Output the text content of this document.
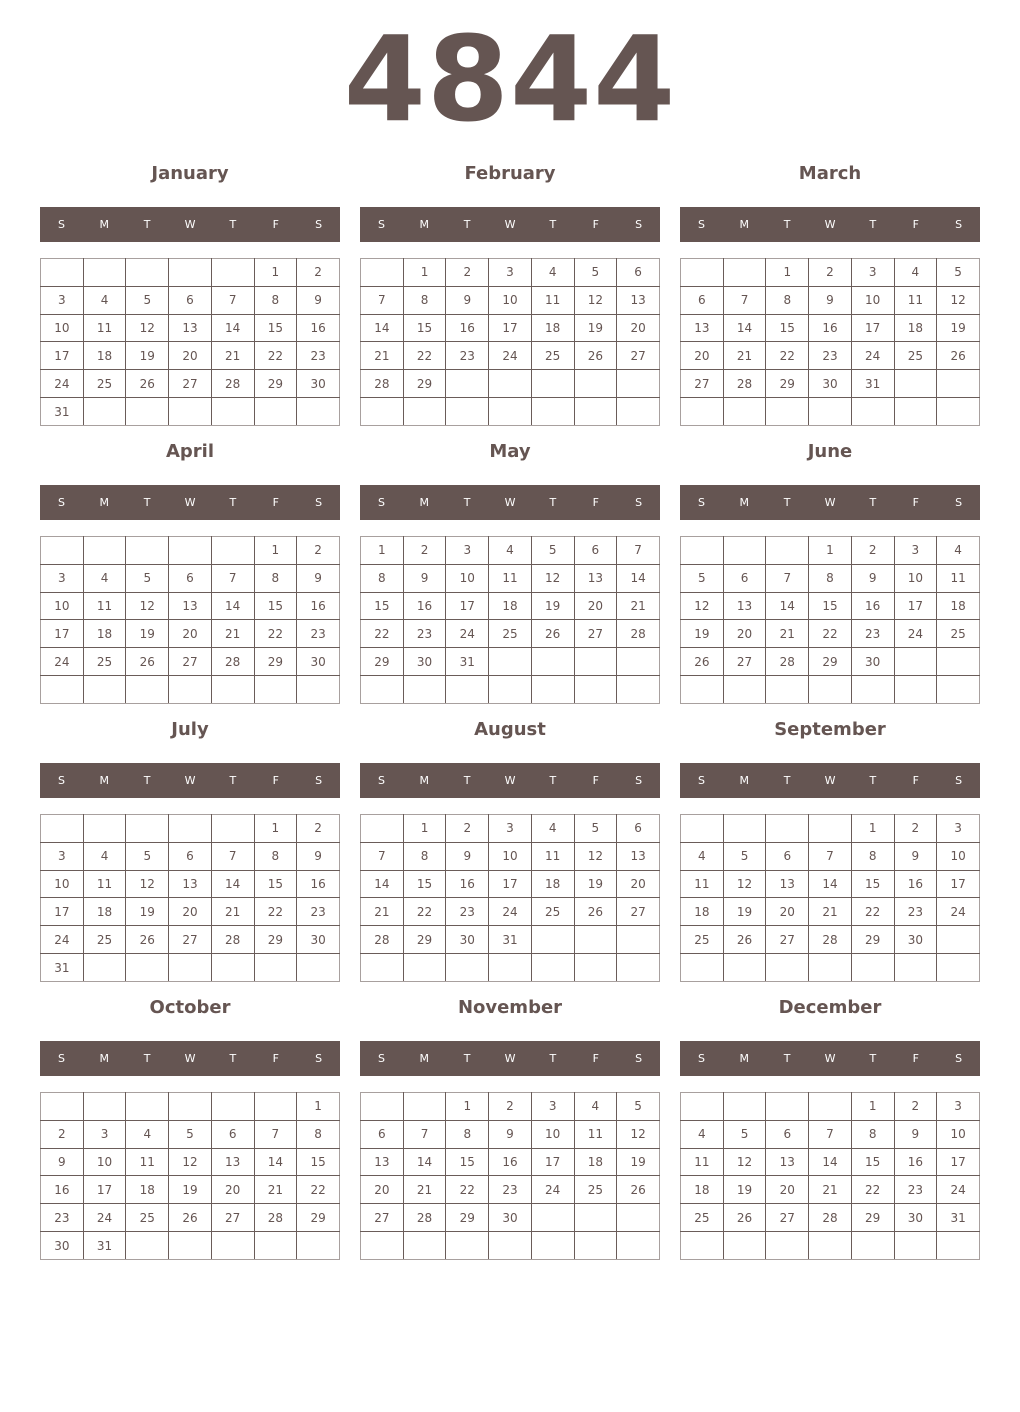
4844
January
S	M	T	W	T	F	S
					1	2
3	4	5	6	7	8	9
10	11	12	13	14	15	16
17	18	19	20	21	22	23
24	25	26	27	28	29	30
31						
February
S	M	T	W	T	F	S
	1	2	3	4	5	6
7	8	9	10	11	12	13
14	15	16	17	18	19	20
21	22	23	24	25	26	27
28	29					

March
S	M	T	W	T	F	S
		1	2	3	4	5
6	7	8	9	10	11	12
13	14	15	16	17	18	19
20	21	22	23	24	25	26
27	28	29	30	31		

April
S	M	T	W	T	F	S
					1	2
3	4	5	6	7	8	9
10	11	12	13	14	15	16
17	18	19	20	21	22	23
24	25	26	27	28	29	30

May
S	M	T	W	T	F	S
1	2	3	4	5	6	7
8	9	10	11	12	13	14
15	16	17	18	19	20	21
22	23	24	25	26	27	28
29	30	31				

June
S	M	T	W	T	F	S
			1	2	3	4
5	6	7	8	9	10	11
12	13	14	15	16	17	18
19	20	21	22	23	24	25
26	27	28	29	30		

July
S	M	T	W	T	F	S
					1	2
3	4	5	6	7	8	9
10	11	12	13	14	15	16
17	18	19	20	21	22	23
24	25	26	27	28	29	30
31						
August
S	M	T	W	T	F	S
	1	2	3	4	5	6
7	8	9	10	11	12	13
14	15	16	17	18	19	20
21	22	23	24	25	26	27
28	29	30	31			

September
S	M	T	W	T	F	S
				1	2	3
4	5	6	7	8	9	10
11	12	13	14	15	16	17
18	19	20	21	22	23	24
25	26	27	28	29	30	

October
S	M	T	W	T	F	S
						1
2	3	4	5	6	7	8
9	10	11	12	13	14	15
16	17	18	19	20	21	22
23	24	25	26	27	28	29
30	31					
November
S	M	T	W	T	F	S
		1	2	3	4	5
6	7	8	9	10	11	12
13	14	15	16	17	18	19
20	21	22	23	24	25	26
27	28	29	30			

December
S	M	T	W	T	F	S
				1	2	3
4	5	6	7	8	9	10
11	12	13	14	15	16	17
18	19	20	21	22	23	24
25	26	27	28	29	30	31
